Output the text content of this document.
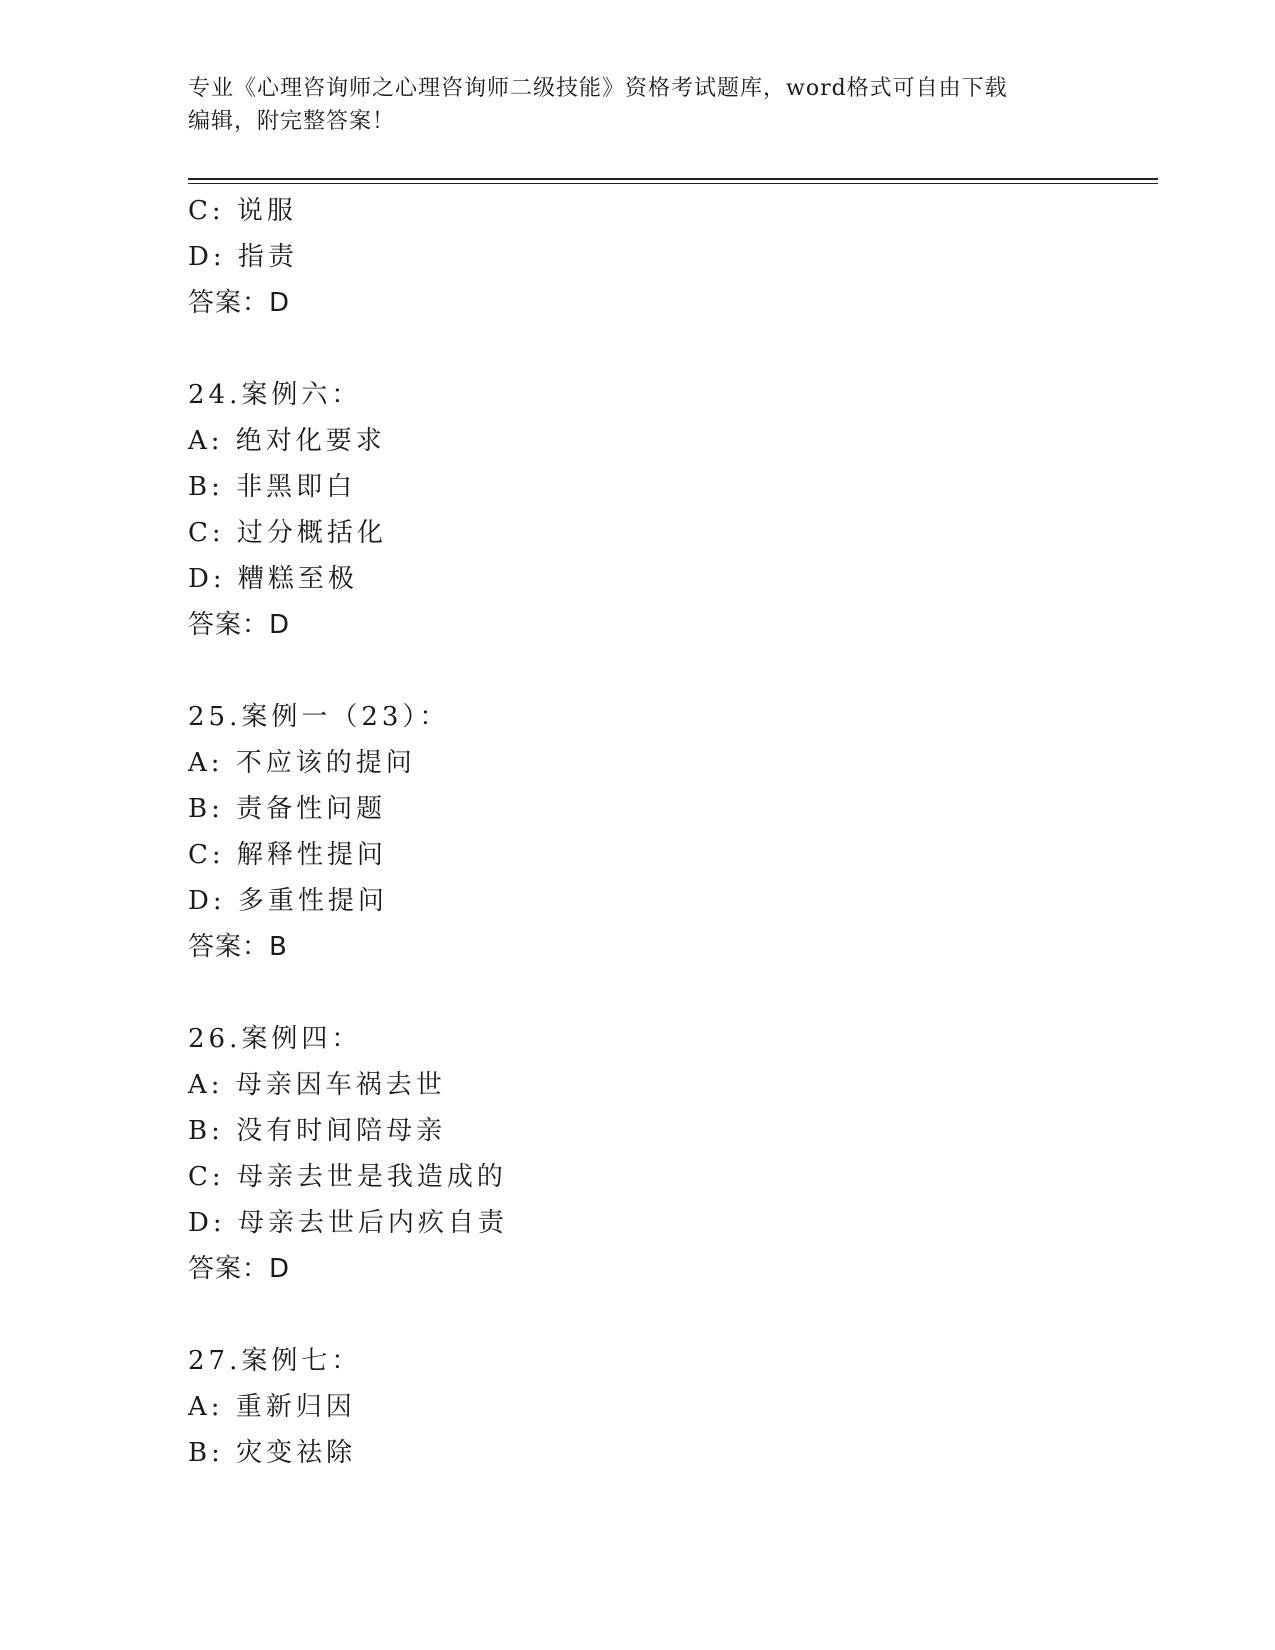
专业《心理咨询师之心理咨询师二级技能》资格考试题库，word格式可自由下载
编辑，附完整答案！
C: 说服
D: 指责
答案：D
24.案例六：
A: 绝对化要求
B: 非黑即白
C: 过分概括化
D: 糟糕至极
答案：D
25.案例一（23）：
A: 不应该的提问
B: 责备性问题
C: 解释性提问
D: 多重性提问
答案：B
26.案例四：
A: 母亲因车祸去世
B: 没有时间陪母亲
C: 母亲去世是我造成的
D: 母亲去世后内疚自责
答案：D
27.案例七：
A: 重新归因
B: 灾变祛除
